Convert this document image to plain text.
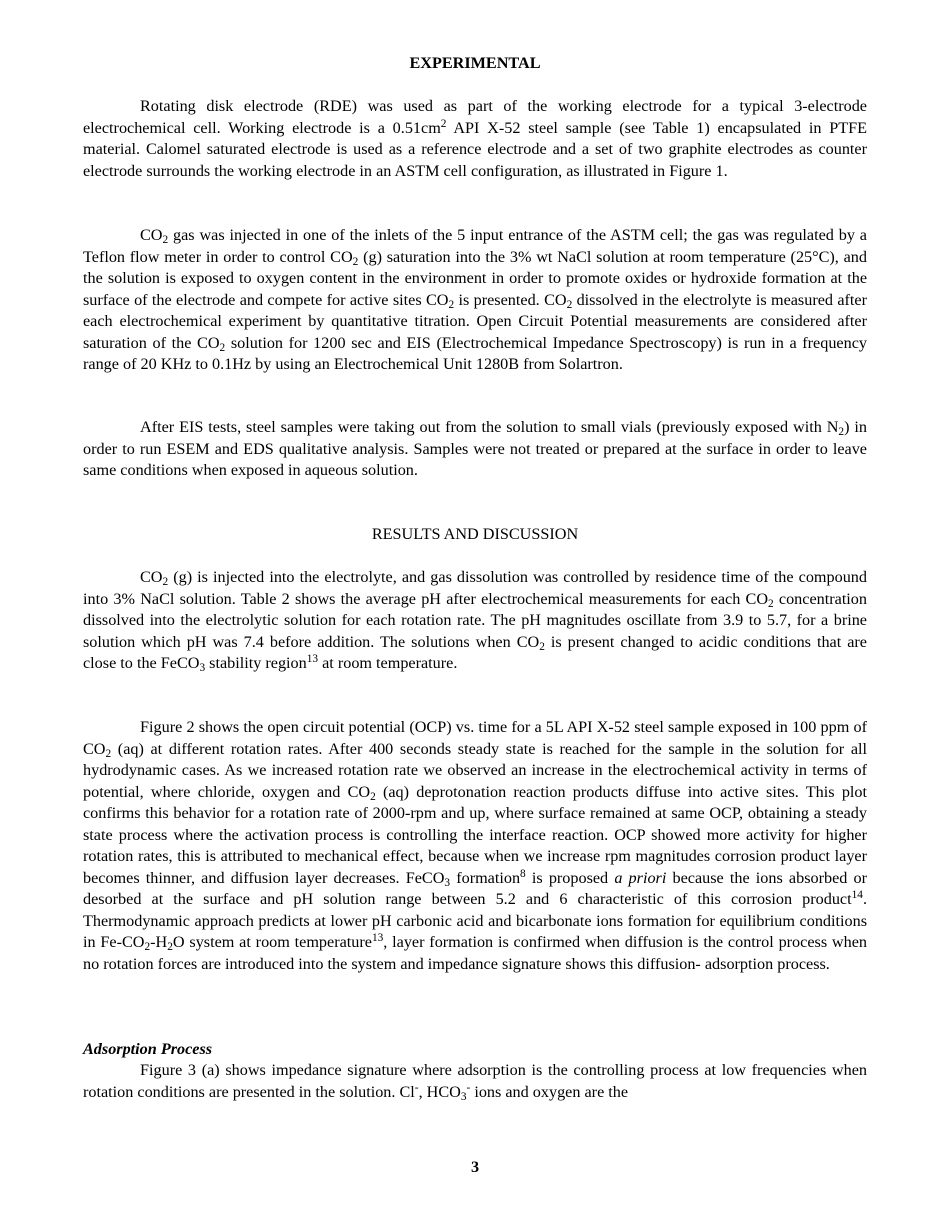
EXPERIMENTAL

Rotating disk electrode (RDE) was used as part of the working electrode for a typical 3-electrode electrochemical cell. Working electrode is a $0.51cm^2$ API X-52 steel sample (see Table 1) encapsulated in PTFE material. Calomel saturated electrode is used as a reference electrode and a set of two graphite electrodes as counter electrode surrounds the working electrode in an ASTM cell configuration, as illustrated in Figure 1.

$CO_2$ gas was injected in one of the inlets of the 5 input entrance of the ASTM cell; the gas was regulated by a Teflon flow meter in order to control $CO_2$ (g) saturation into the 3% wt NaCl solution at room temperature (25°C), and the solution is exposed to oxygen content in the environment in order to promote oxides or hydroxide formation at the surface of the electrode and compete for active sites $CO_2$ is presented. $CO_2$ dissolved in the electrolyte is measured after each electrochemical experiment by quantitative titration. Open Circuit Potential measurements are considered after saturation of the $CO_2$ solution for 1200 sec and EIS (Electrochemical Impedance Spectroscopy) is run in a frequency range of 20 KHz to 0.1Hz by using an Electrochemical Unit 1280B from Solartron.

After EIS tests, steel samples were taking out from the solution to small vials (previously exposed with $N_2$) in order to run ESEM and EDS qualitative analysis. Samples were not treated or prepared at the surface in order to leave same conditions when exposed in aqueous solution.

RESULTS AND DISCUSSION

$CO_2$ (g) is injected into the electrolyte, and gas dissolution was controlled by residence time of the compound into 3% NaCl solution. Table 2 shows the average pH after electrochemical measurements for each $CO_2$ concentration dissolved into the electrolytic solution for each rotation rate. The pH magnitudes oscillate from 3.9 to 5.7, for a brine solution which pH was 7.4 before addition. The solutions when $CO_2$ is present changed to acidic conditions that are close to the FeCO$_3$ stability region$^{13}$ at room temperature.

Figure 2 shows the open circuit potential (OCP) vs. time for a 5L API X-52 steel sample exposed in 100 ppm of $CO_2$ (aq) at different rotation rates. After 400 seconds steady state is reached for the sample in the solution for all hydrodynamic cases. As we increased rotation rate we observed an increase in the electrochemical activity in terms of potential, where chloride, oxygen and $CO_2$ (aq) deprotonation reaction products diffuse into active sites. This plot confirms this behavior for a rotation rate of 2000-rpm and up, where surface remained at same OCP, obtaining a steady state process where the activation process is controlling the interface reaction. OCP showed more activity for higher rotation rates, this is attributed to mechanical effect, because when we increase rpm magnitudes corrosion product layer becomes thinner, and diffusion layer decreases. FeCO$_3$ formation$^8$ is proposed a priori because the ions absorbed or desorbed at the surface and pH solution range between 5.2 and 6 characteristic of this corrosion product$^{14}$. Thermodynamic approach predicts at lower pH carbonic acid and bicarbonate ions formation for equilibrium conditions in $Fe-CO_2-H_2O$ system at room temperature$^{13}$, layer formation is confirmed when diffusion is the control process when no rotation forces are introduced into the system and impedance signature shows this diffusion- adsorption process.

Adsorption Process

Figure 3 (a) shows impedance signature where adsorption is the controlling process at low frequencies when rotation conditions are presented in the solution. Cl-, $HCO_3^-$ ions and oxygen are the

3
